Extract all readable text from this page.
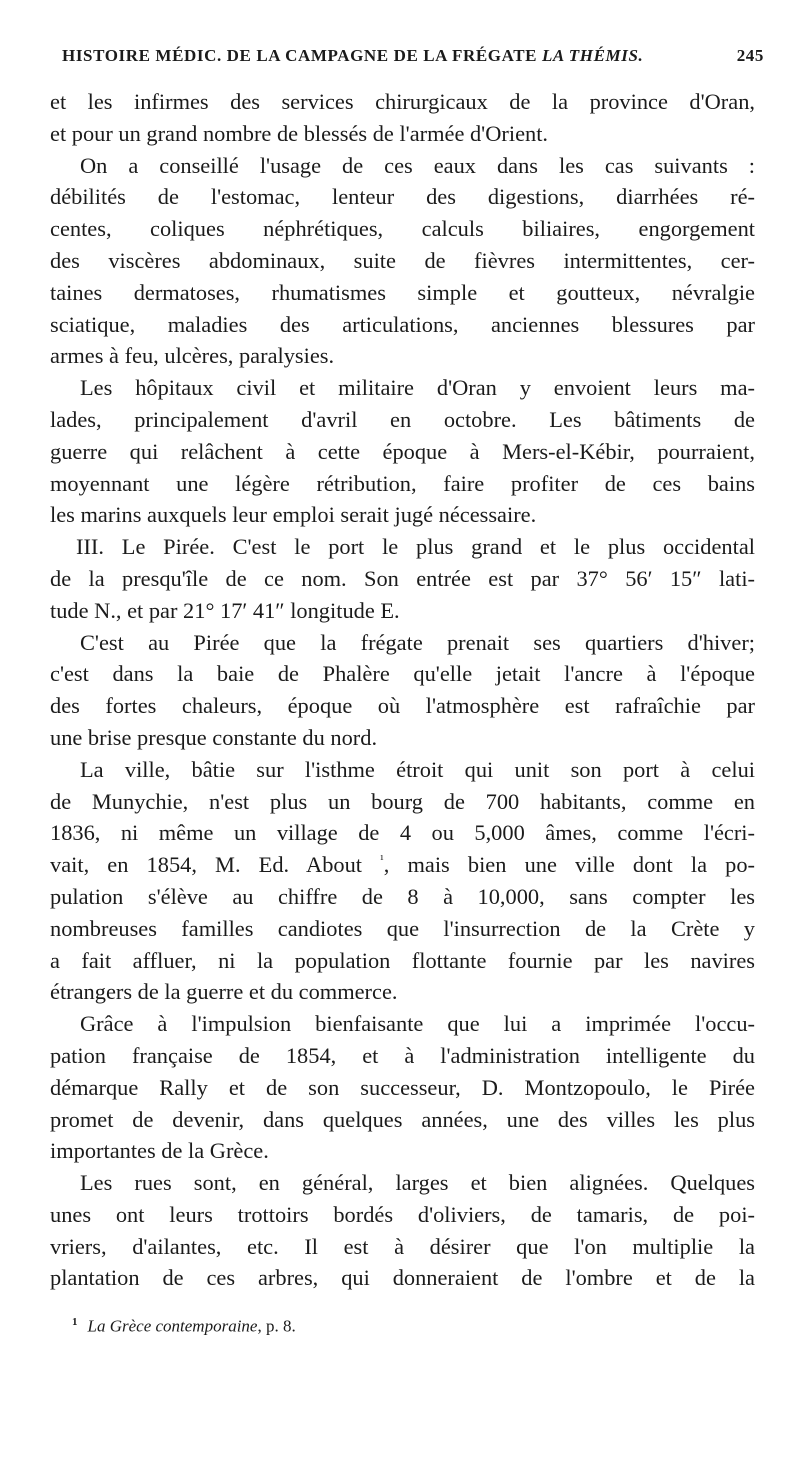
HISTOIRE MÉDIC. DE LA CAMPAGNE DE LA FRÉGATE LA THÉMIS.	245
et les infirmes des services chirurgicaux de la province d'Oran,
et pour un grand nombre de blessés de l'armée d'Orient.
On a conseillé l'usage de ces eaux dans les cas suivants :
débilités de l'estomac, lenteur des digestions, diarrhées ré-
centes, coliques néphrétiques, calculs biliaires, engorgement
des viscères abdominaux, suite de fièvres intermittentes, cer-
taines dermatoses, rhumatismes simple et goutteux, névralgie
sciatique, maladies des articulations, anciennes blessures par
armes à feu, ulcères, paralysies.
Les hôpitaux civil et militaire d'Oran y envoient leurs ma-
lades, principalement d'avril en octobre. Les bâtiments de
guerre qui relâchent à cette époque à Mers-el-Kébir, pourraient,
moyennant une légère rétribution, faire profiter de ces bains
les marins auxquels leur emploi serait jugé nécessaire.
III. Le Pirée. C'est le port le plus grand et le plus occidental
de la presqu'île de ce nom. Son entrée est par 37° 56′ 15″ lati-
tude N., et par 21° 17′ 41″ longitude E.
C'est au Pirée que la frégate prenait ses quartiers d'hiver;
c'est dans la baie de Phalère qu'elle jetait l'ancre à l'époque
des fortes chaleurs, époque où l'atmosphère est rafraîchie par
une brise presque constante du nord.
La ville, bâtie sur l'isthme étroit qui unit son port à celui
de Munychie, n'est plus un bourg de 700 habitants, comme en
1836, ni même un village de 4 ou 5,000 âmes, comme l'écri-
vait, en 1854, M. Ed. About $^{^1}$, mais bien une ville dont la po-
pulation s'élève au chiffre de 8 à 10,000, sans compter les
nombreuses familles candiotes que l'insurrection de la Crète y
a fait affluer, ni la population flottante fournie par les navires
étrangers de la guerre et du commerce.
Grâce à l'impulsion bienfaisante que lui a imprimée l'occu-
pation française de 1854, et à l'administration intelligente du
démarque Rally et de son successeur, D. Montzopoulo, le Pirée
promet de devenir, dans quelques années, une des villes les plus
importantes de la Grèce.
Les rues sont, en général, larges et bien alignées. Quelques
unes ont leurs trottoirs bordés d'oliviers, de tamaris, de poi-
vriers, d'ailantes, etc. Il est à désirer que l'on multiplie la
plantation de ces arbres, qui donneraient de l'ombre et de la
$^1$ La Grèce contemporaine, p. 8.
